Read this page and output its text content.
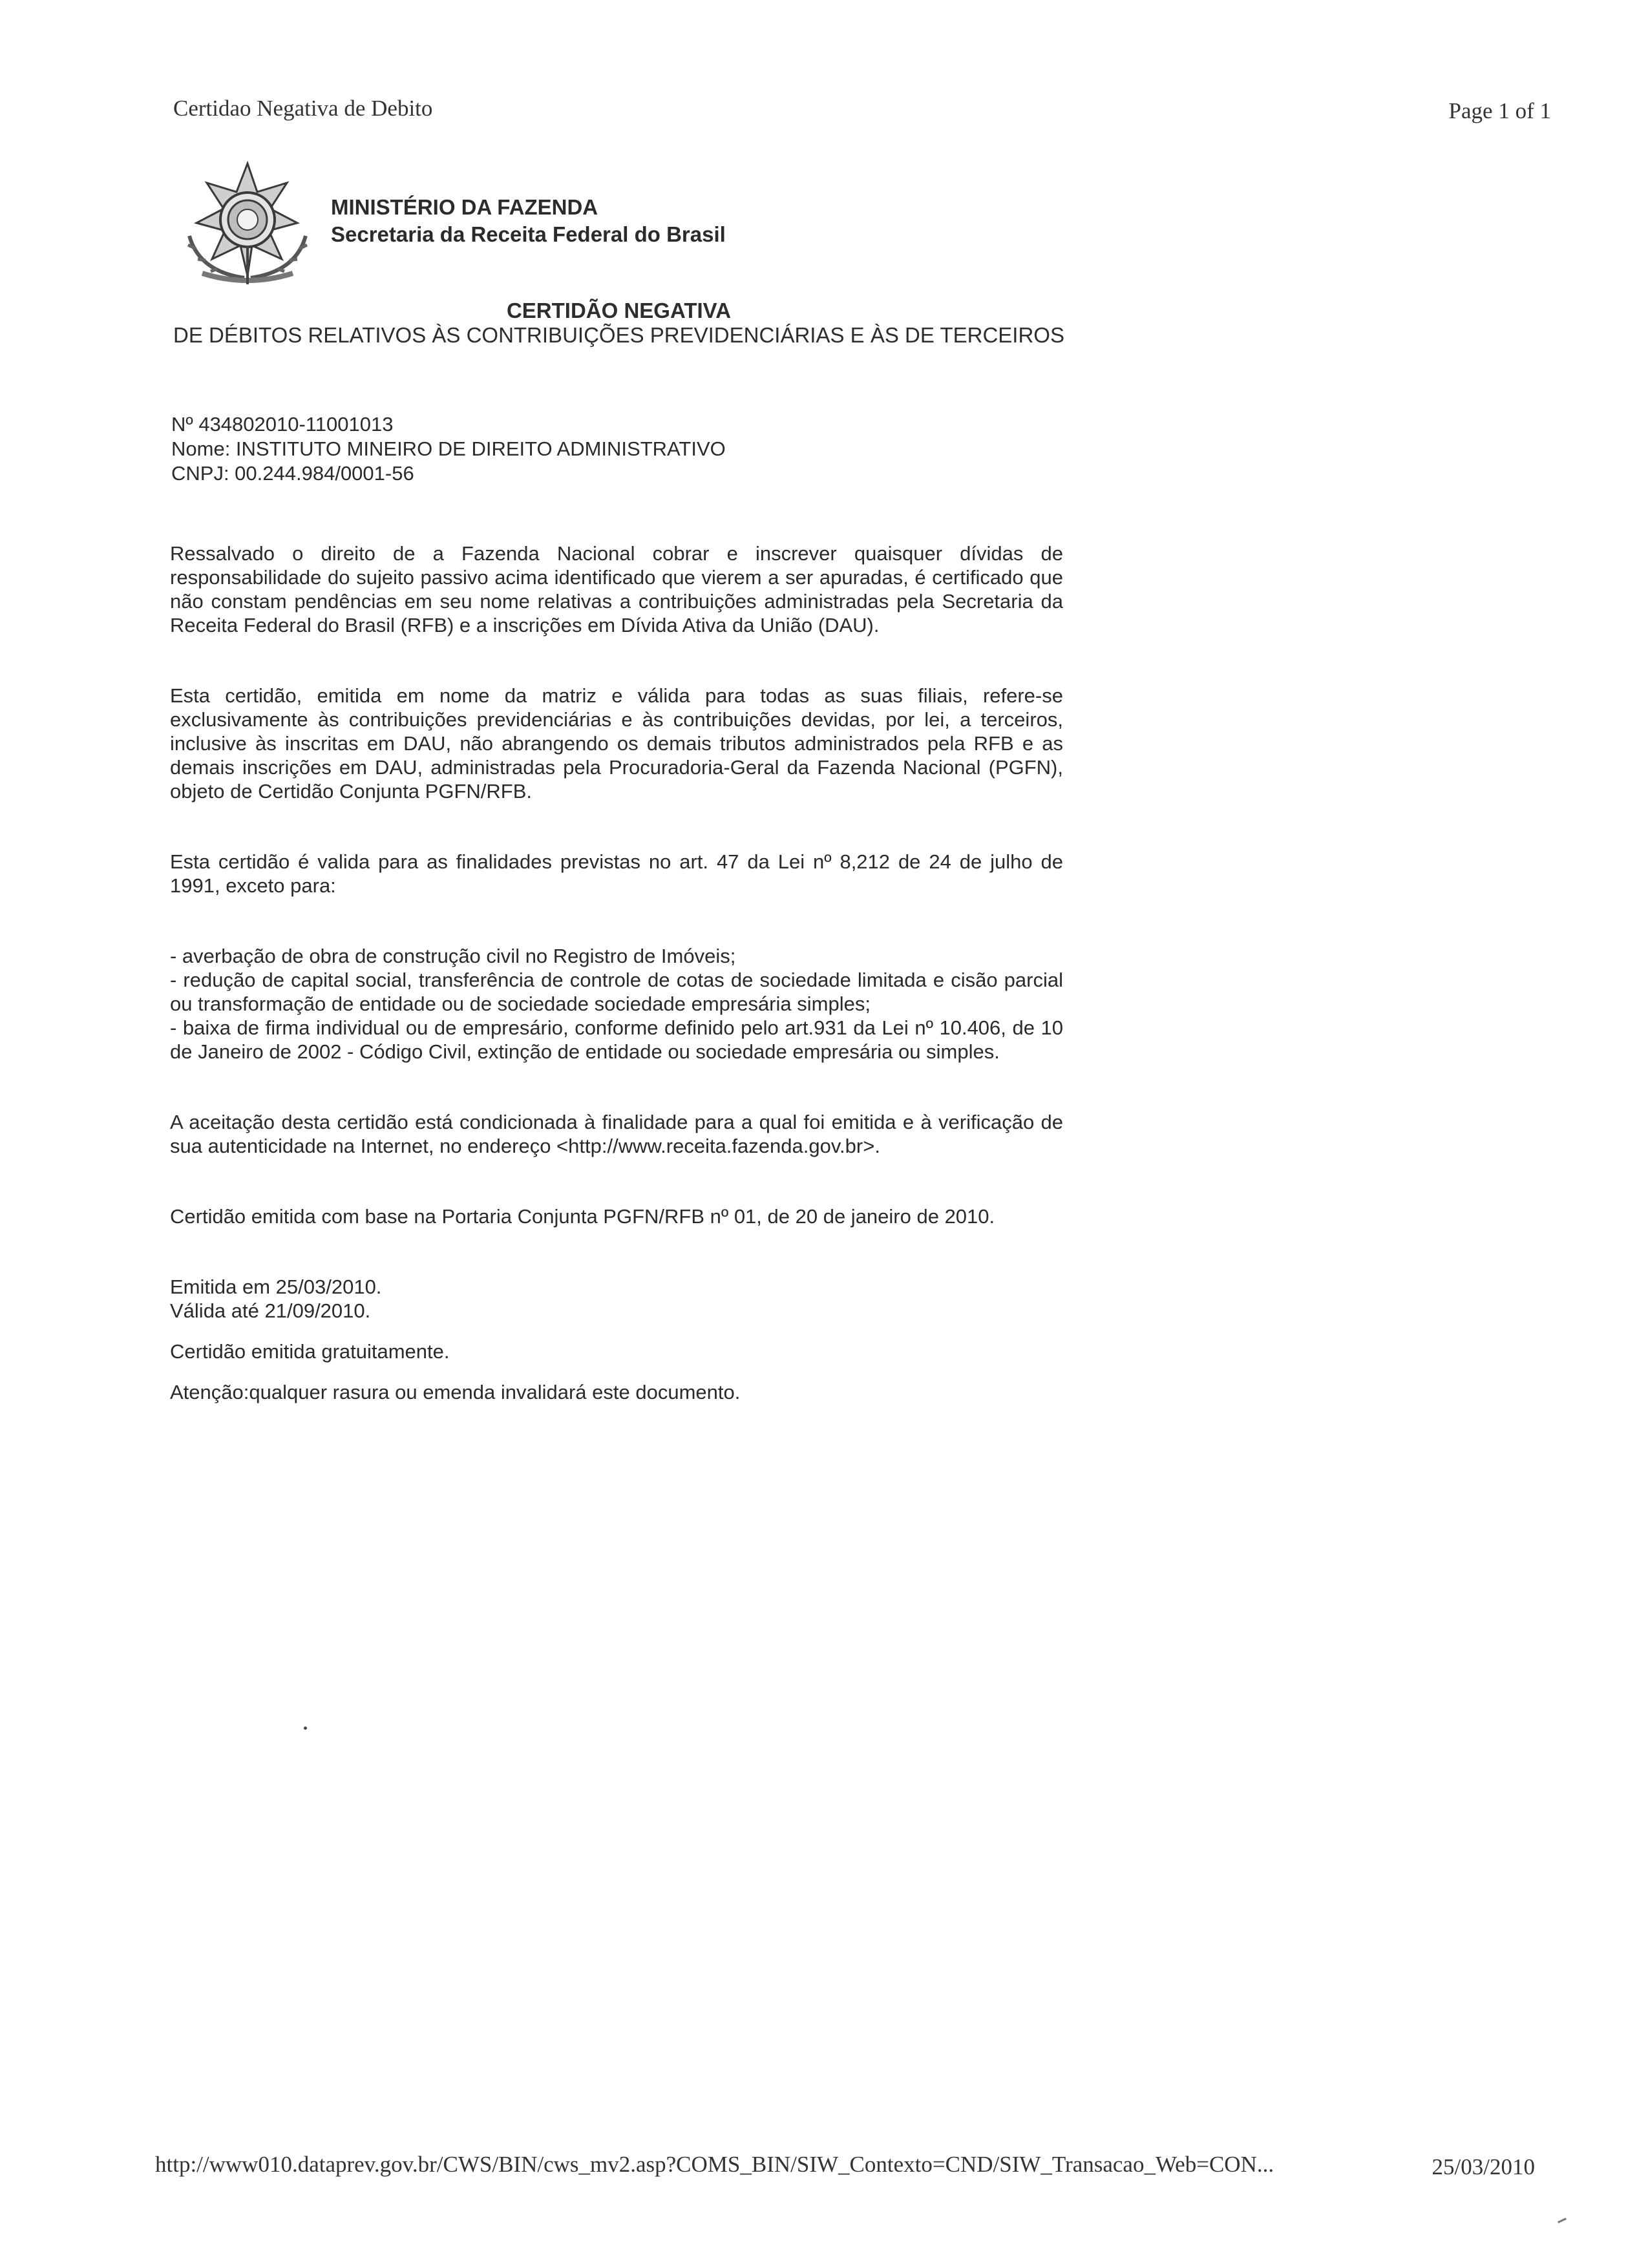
Certidao Negativa de Debito	Page 1 of 1
MINISTÉRIO DA FAZENDA
Secretaria da Receita Federal do Brasil
CERTIDÃO NEGATIVA
DE DÉBITOS RELATIVOS ÀS CONTRIBUIÇÕES PREVIDENCIÁRIAS E ÀS DE TERCEIROS
Nº 434802010-11001013
Nome: INSTITUTO MINEIRO DE DIREITO ADMINISTRATIVO
CNPJ: 00.244.984/0001-56

Ressalvado o direito de a Fazenda Nacional cobrar e inscrever quaisquer dívidas de responsabilidade do sujeito passivo acima identificado que vierem a ser apuradas, é certificado que não constam pendências em seu nome relativas a contribuições administradas pela Secretaria da Receita Federal do Brasil (RFB) e a inscrições em Dívida Ativa da União (DAU).

Esta certidão, emitida em nome da matriz e válida para todas as suas filiais, refere-se exclusivamente às contribuições previdenciárias e às contribuições devidas, por lei, a terceiros, inclusive às inscritas em DAU, não abrangendo os demais tributos administrados pela RFB e as demais inscrições em DAU, administradas pela Procuradoria-Geral da Fazenda Nacional (PGFN), objeto de Certidão Conjunta PGFN/RFB.

Esta certidão é valida para as finalidades previstas no art. 47 da Lei nº 8,212 de 24 de julho de 1991, exceto para:

- averbação de obra de construção civil no Registro de Imóveis;

- redução de capital social, transferência de controle de cotas de sociedade limitada e cisão parcial ou transformação de entidade ou de sociedade sociedade empresária simples;

- baixa de firma individual ou de empresário, conforme definido pelo art.931 da Lei nº 10.406, de 10 de Janeiro de 2002 - Código Civil, extinção de entidade ou sociedade empresária ou simples.

A aceitação desta certidão está condicionada à finalidade para a qual foi emitida e à verificação de sua autenticidade na Internet, no endereço <http://www.receita.fazenda.gov.br>.

Certidão emitida com base na Portaria Conjunta PGFN/RFB nº 01, de 20 de janeiro de 2010.

Emitida em 25/03/2010.
Válida até 21/09/2010.

Certidão emitida gratuitamente.

Atenção:qualquer rasura ou emenda invalidará este documento.

http://www010.dataprev.gov.br/CWS/BIN/cws_mv2.asp?COMS_BIN/SIW_Contexto=CND/SIW_Transacao_Web=CON...	25/03/2010
